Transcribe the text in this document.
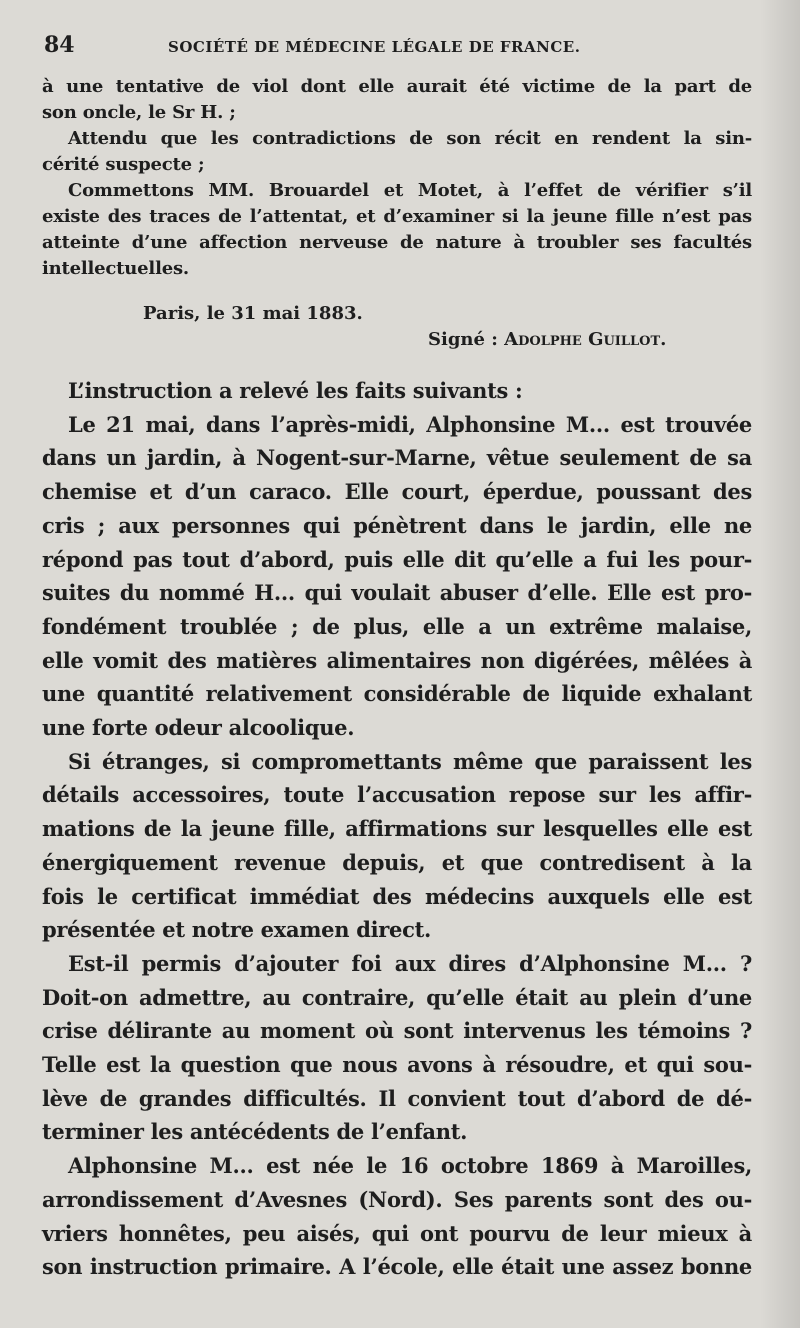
84	SOCIÉTÉ DE MÉDECINE LÉGALE DE FRANCE.
à une tentative de viol dont elle aurait été victime de la part de
son oncle, le Sr H. ;
Attendu que les contradictions de son récit en rendent la sin-
cérité suspecte ;
Commettons MM. Brouardel et Motet, à l’effet de vérifier s’il
existe des traces de l’attentat, et d’examiner si la jeune fille n’est pas
atteinte d’une affection nerveuse de nature à troubler ses facultés
intellectuelles.
Paris, le 31 mai 1883.
Signé : Adolphe Guillot.
L’instruction a relevé les faits suivants :
Le 21 mai, dans l’après-midi, Alphonsine M... est trouvée
dans un jardin, à Nogent-sur-Marne, vêtue seulement de sa
chemise et d’un caraco. Elle court, éperdue, poussant des
cris ; aux personnes qui pénètrent dans le jardin, elle ne
répond pas tout d’abord, puis elle dit qu’elle a fui les pour-
suites du nommé H... qui voulait abuser d’elle. Elle est pro-
fondément troublée ; de plus, elle a un extrême malaise,
elle vomit des matières alimentaires non digérées, mêlées à
une quantité relativement considérable de liquide exhalant
une forte odeur alcoolique.
Si étranges, si compromettants même que paraissent les
détails accessoires, toute l’accusation repose sur les affir-
mations de la jeune fille, affirmations sur lesquelles elle est
énergiquement revenue depuis, et que contredisent à la
fois le certificat immédiat des médecins auxquels elle est
présentée et notre examen direct.
Est-il permis d’ajouter foi aux dires d’Alphonsine M... ?
Doit-on admettre, au contraire, qu’elle était au plein d’une
crise délirante au moment où sont intervenus les témoins ?
Telle est la question que nous avons à résoudre, et qui sou-
lève de grandes difficultés. Il convient tout d’abord de dé-
terminer les antécédents de l’enfant.
Alphonsine M... est née le 16 octobre 1869 à Maroilles,
arrondissement d’Avesnes (Nord). Ses parents sont des ou-
vriers honnêtes, peu aisés, qui ont pourvu de leur mieux à
son instruction primaire. A l’école, elle était une assez bonne
